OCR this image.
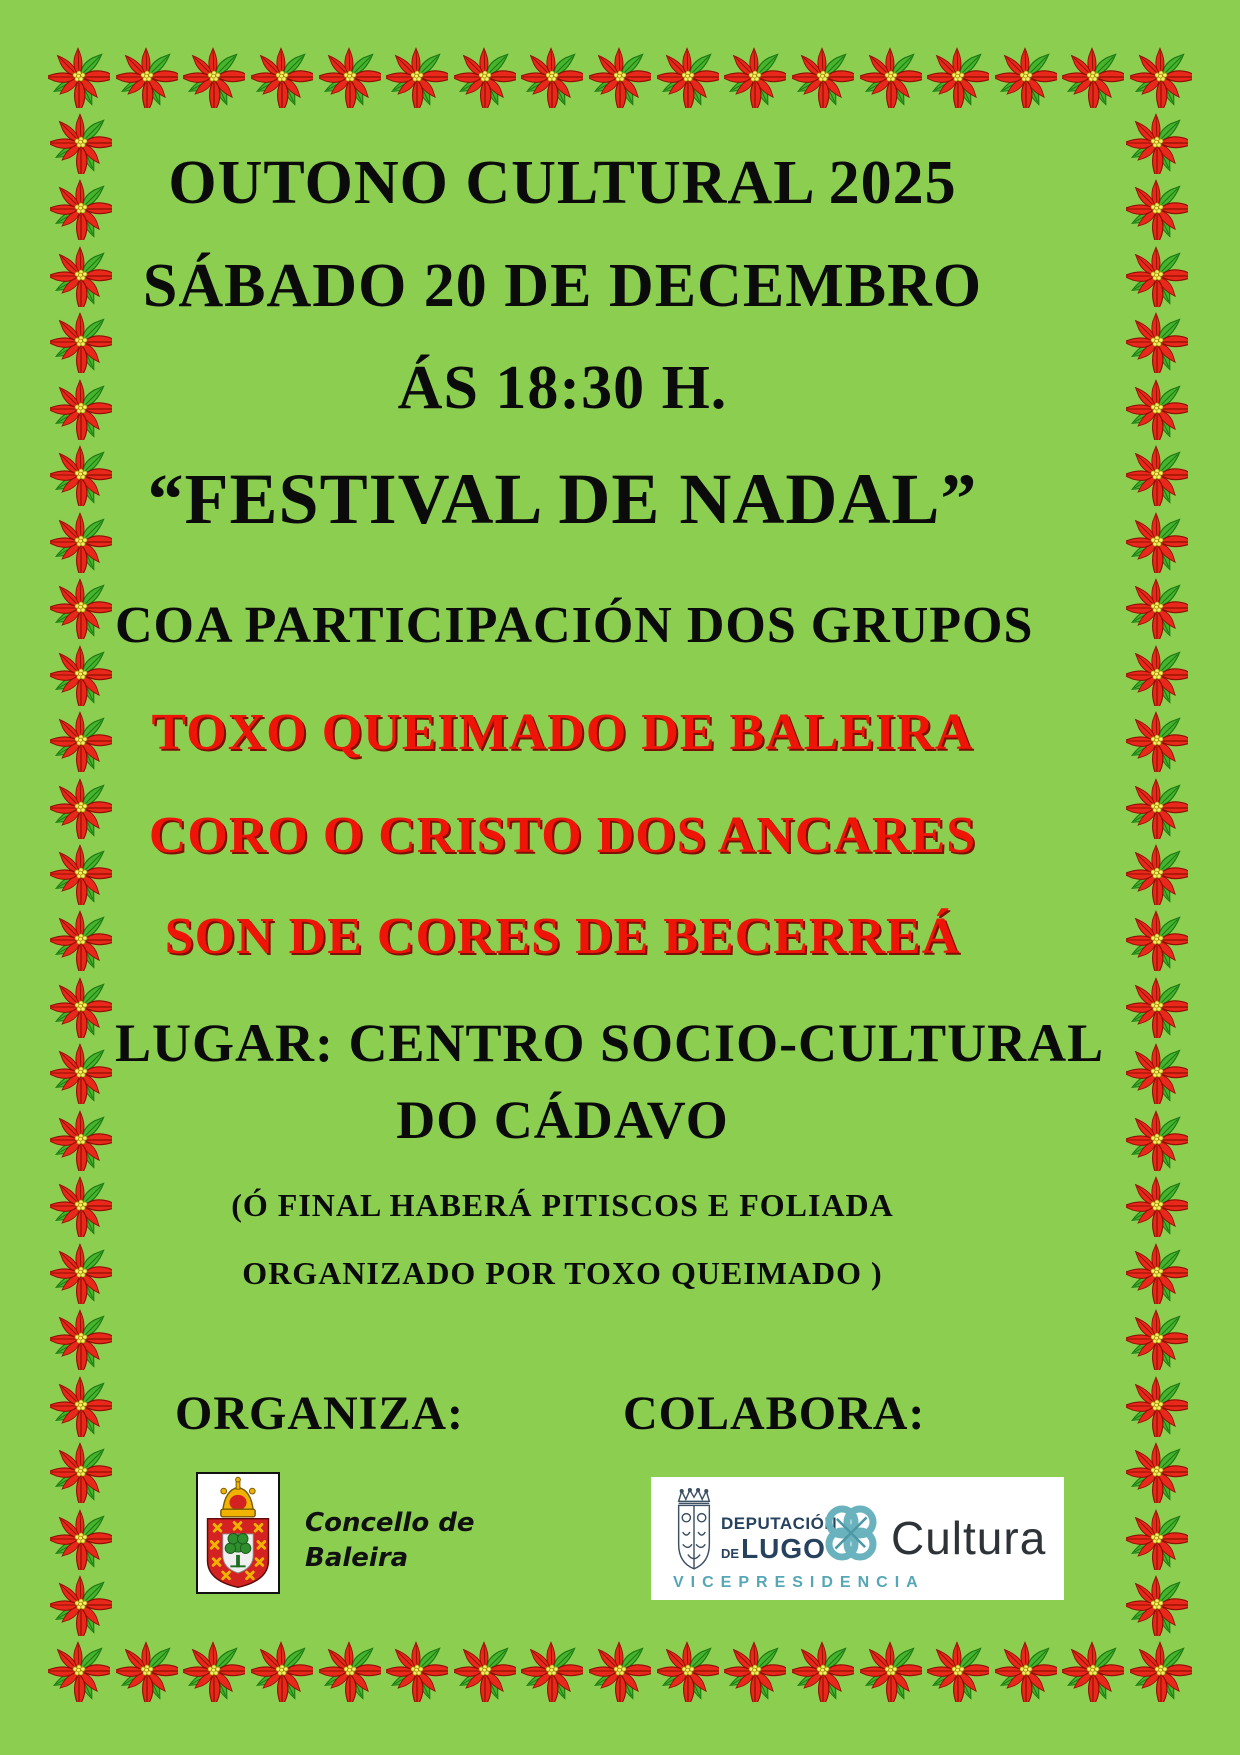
OUTONO CULTURAL 2025
SÁBADO 20 DE DECEMBRO
ÁS 18:30 H.
“FESTIVAL DE NADAL”
COA PARTICIPACIÓN DOS GRUPOS
TOXO QUEIMADO DE BALEIRA
CORO O CRISTO DOS ANCARES
SON DE CORES DE BECERREÁ
LUGAR: CENTRO SOCIO-CULTURAL
DO CÁDAVO
(Ó FINAL HABERÁ PITISCOS E FOLIADA
ORGANIZADO POR TOXO QUEIMADO )
ORGANIZA:	COLABORA:
Concello de
Baleira
DEPUTACIÓN
DE LUGO Cultura
VICEPRESIDENCIA
